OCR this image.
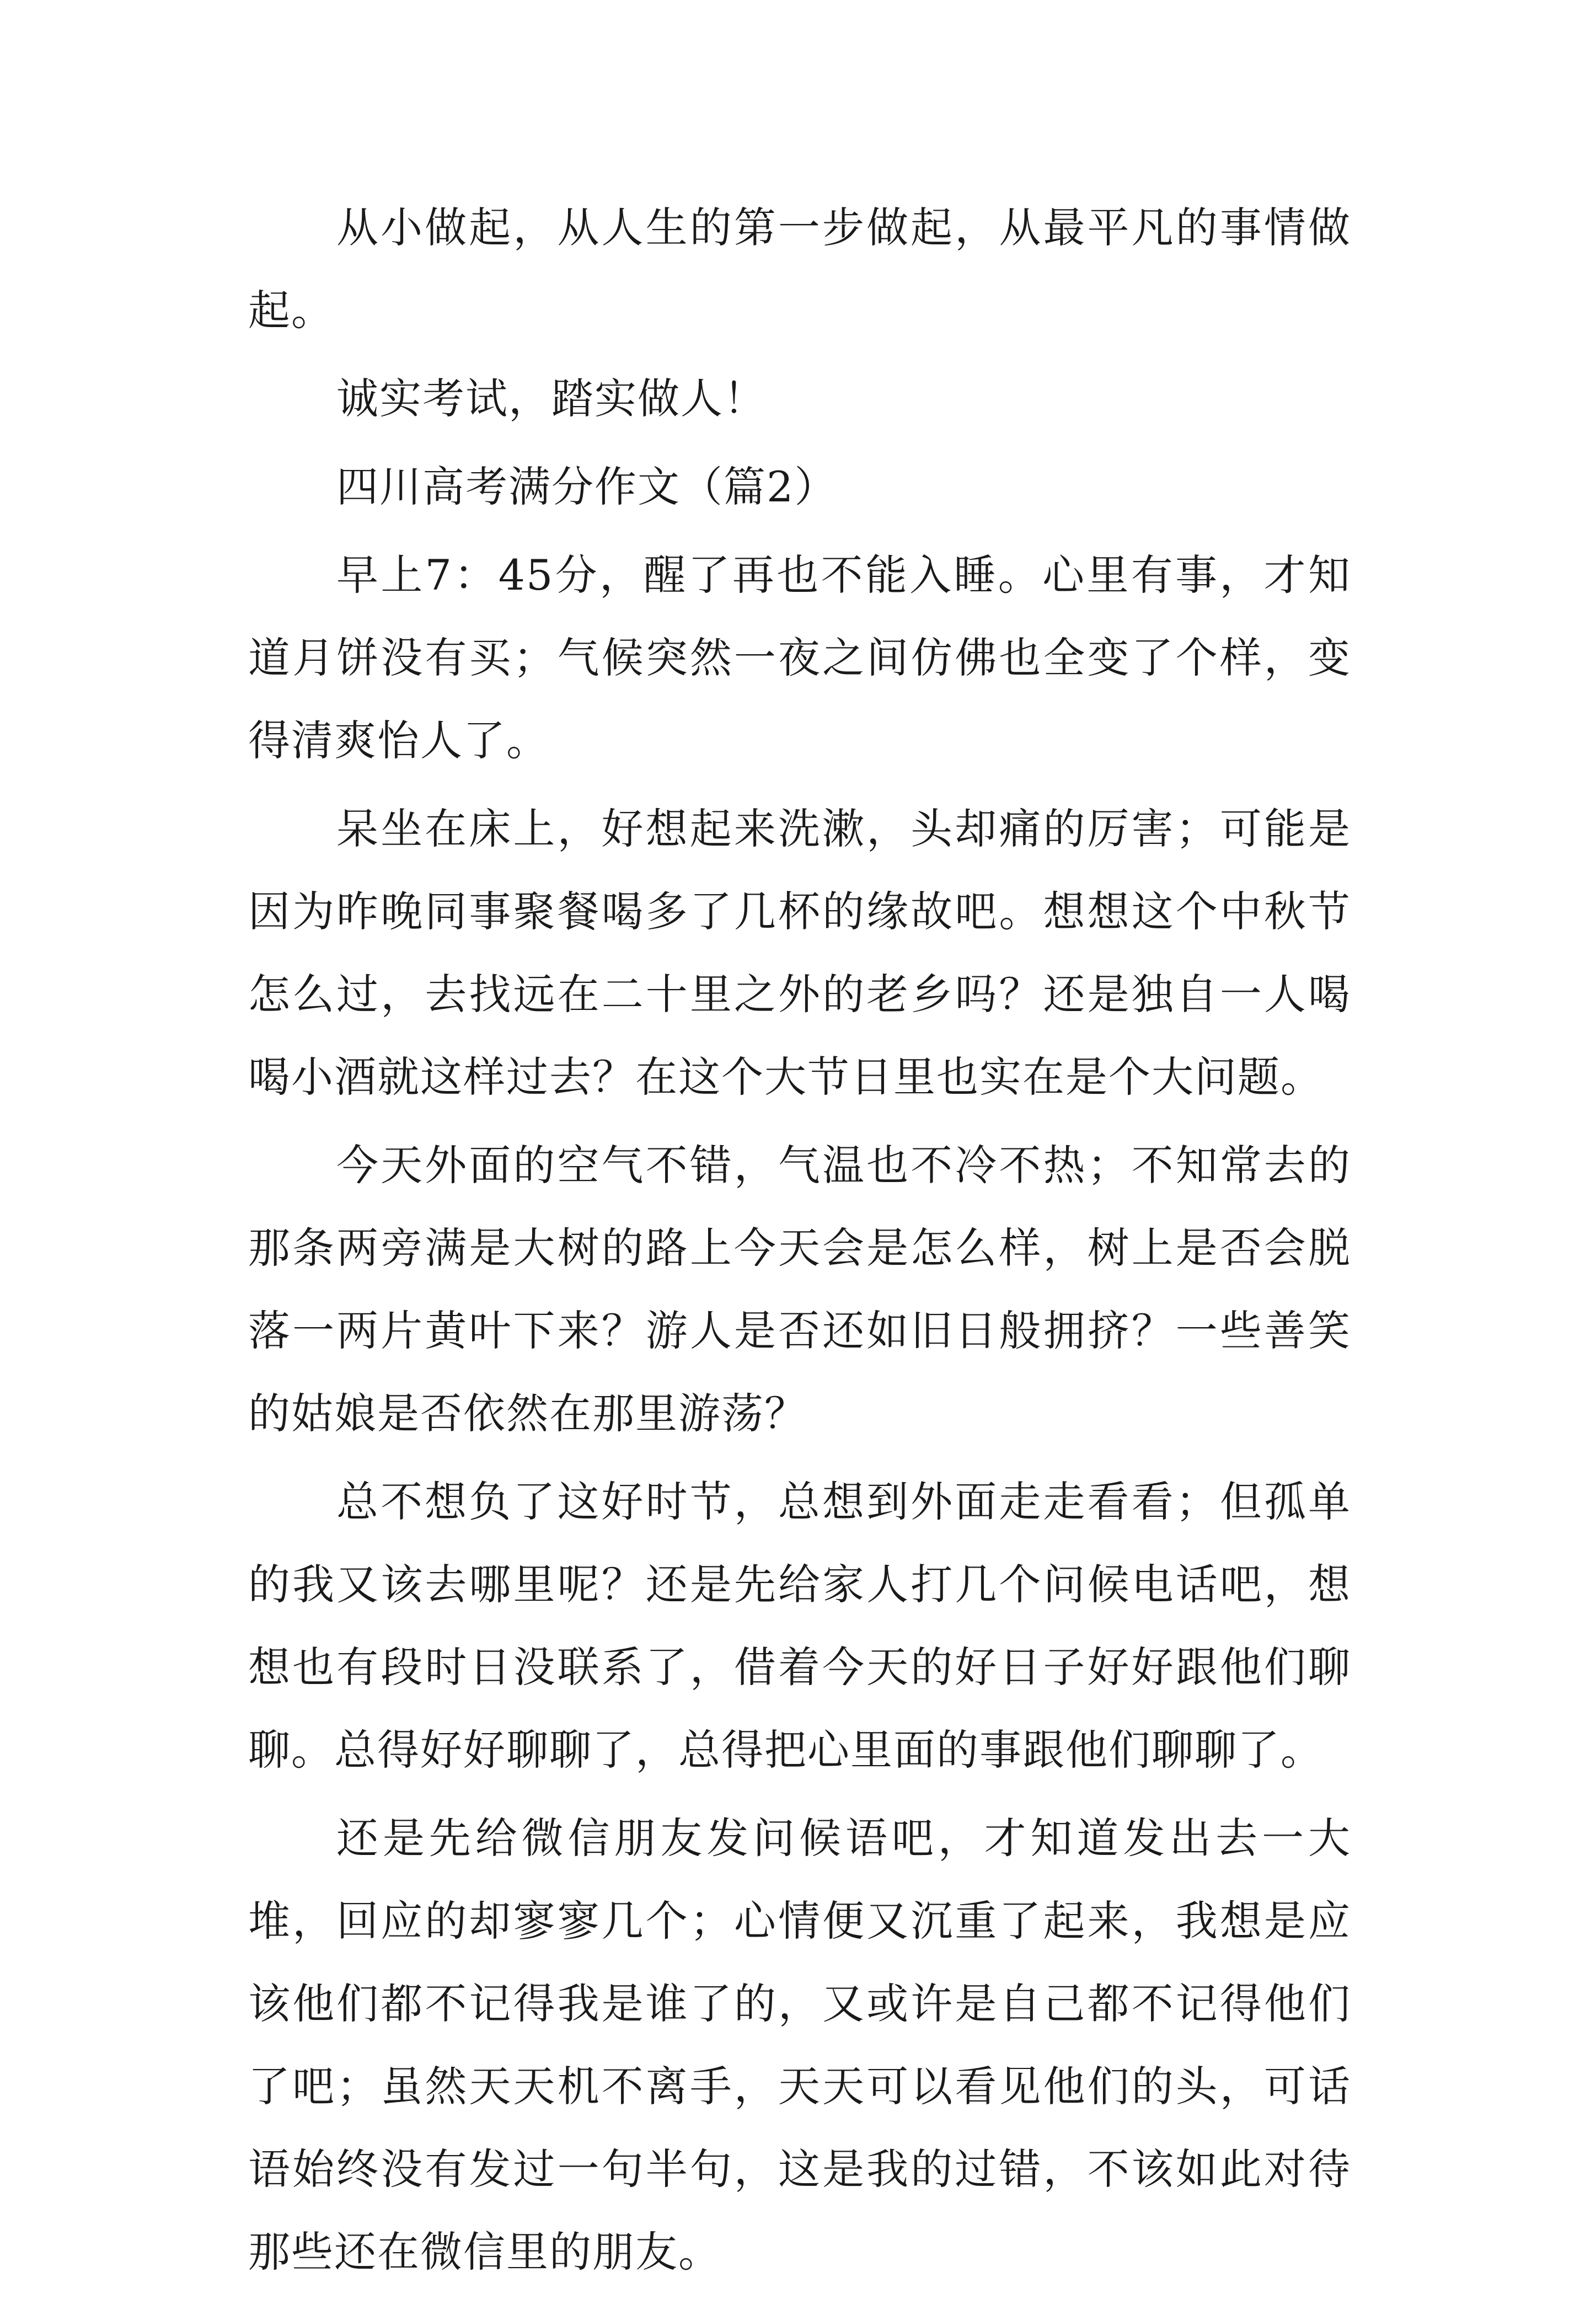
从小做起，从人生的第一步做起，从最平凡的事情做起。

诚实考试，踏实做人！

四川高考满分作文（篇2）

早上7：45分，醒了再也不能入睡。心里有事，才知道月饼没有买；气候突然一夜之间仿佛也全变了个样，变得清爽怡人了。

呆坐在床上，好想起来洗漱，头却痛的厉害；可能是因为昨晚同事聚餐喝多了几杯的缘故吧。想想这个中秋节怎么过，去找远在二十里之外的老乡吗？还是独自一人喝喝小酒就这样过去？在这个大节日里也实在是个大问题。

今天外面的空气不错，气温也不冷不热；不知常去的那条两旁满是大树的路上今天会是怎么样，树上是否会脱落一两片黄叶下来？游人是否还如旧日般拥挤？一些善笑的姑娘是否依然在那里游荡？

总不想负了这好时节，总想到外面走走看看；但孤单的我又该去哪里呢？还是先给家人打几个问候电话吧，想想也有段时日没联系了，借着今天的好日子好好跟他们聊聊。总得好好聊聊了，总得把心里面的事跟他们聊聊了。

还是先给微信朋友发问候语吧，才知道发出去一大堆，回应的却寥寥几个；心情便又沉重了起来，我想是应该他们都不记得我是谁了的，又或许是自己都不记得他们了吧；虽然天天机不离手，天天可以看见他们的头，可话语始终没有发过一句半句，这是我的过错，不该如此对待那些还在微信里的朋友。
